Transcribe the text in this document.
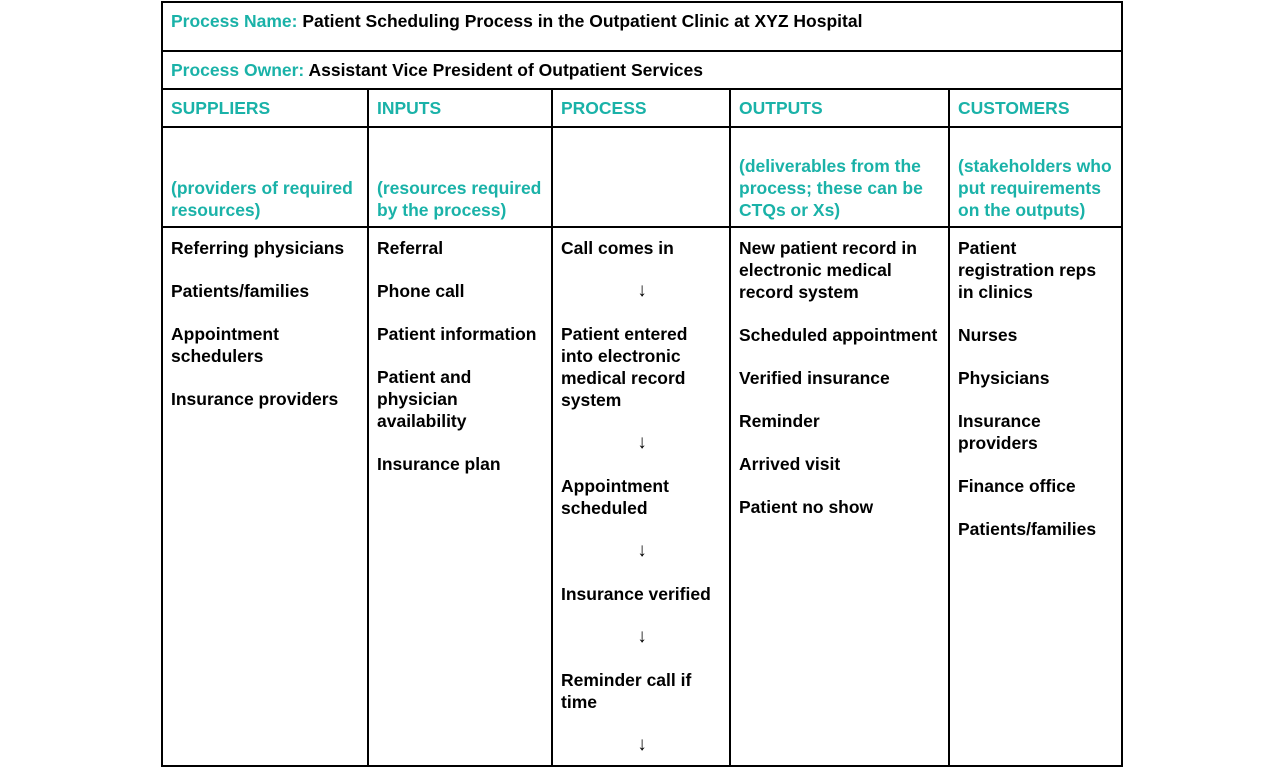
Process Name: Patient Scheduling Process in the Outpatient Clinic at XYZ Hospital
Process Owner: Assistant Vice President of Outpatient Services
SUPPLIERS
(providers of required resources)

Referring physicians

Patients/families

Appointment schedulers

Insurance providers

INPUTS
(resources required by the process)

Referral

Phone call

Patient information

Patient and physician availability

Insurance plan

PROCESS

Call comes in

↓

Patient entered into electronic medical record system

↓

Appointment scheduled

↓

Insurance verified

↓

Reminder call if time

↓
OUTPUTS
(deliverables from the process; these can be CTQs or Xs)

New patient record in electronic medical record system

Scheduled appointment

Verified insurance

Reminder

Arrived visit

Patient no show

CUSTOMERS
(stakeholders who put requirements on the outputs)

Patient registration reps in clinics

Nurses

Physicians

Insurance providers

Finance office

Patients/families
